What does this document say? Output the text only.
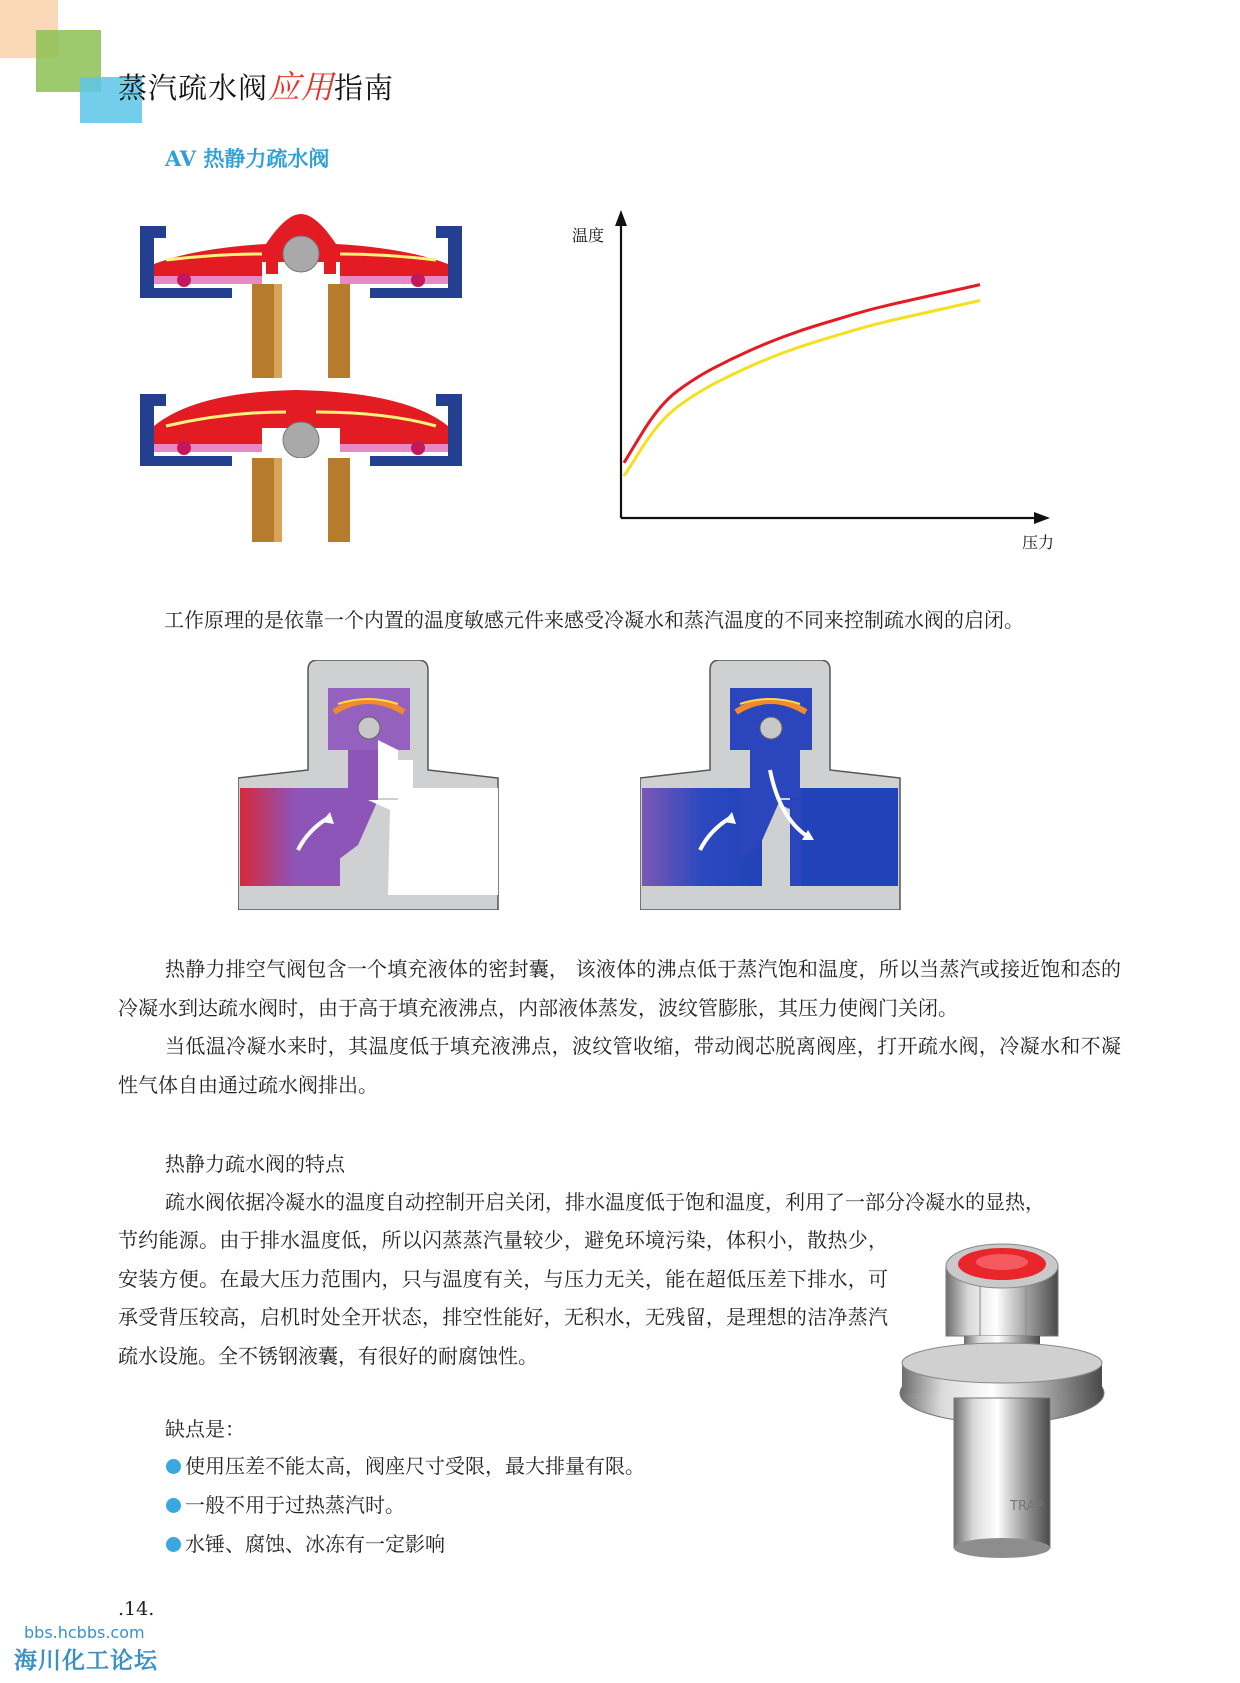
蒸汽疏水阀应用指南
AV 热静力疏水阀
温度
压力
工作原理的是依靠一个内置的温度敏感元件来感受冷凝水和蒸汽温度的不同来控制疏水阀的启闭。
热静力排空气阀包含一个填充液体的密封囊， 该液体的沸点低于蒸汽饱和温度，所以当蒸汽或接近饱和态的冷凝水到达疏水阀时，由于高于填充液沸点，内部液体蒸发，波纹管膨胀，其压力使阀门关闭。
当低温冷凝水来时，其温度低于填充液沸点，波纹管收缩，带动阀芯脱离阀座，打开疏水阀，冷凝水和不凝性气体自由通过疏水阀排出。
热静力疏水阀的特点
疏水阀依据冷凝水的温度自动控制开启关闭，排水温度低于饱和温度，利用了一部分冷凝水的显热，
节约能源。由于排水温度低，所以闪蒸蒸汽量较少，避免环境污染，体积小，散热少，安装方便。在最大压力范围内，只与温度有关，与压力无关，能在超低压差下排水，可承受背压较高，启机时处全开状态，排空性能好，无积水，无残留，是理想的洁净蒸汽疏水设施。全不锈钢液囊，有很好的耐腐蚀性。
缺点是：
使用压差不能太高，阀座尺寸受限，最大排量有限。
一般不用于过热蒸汽时。
水锤、腐蚀、冰冻有一定影响
TRAP
.14.
bbs.hcbbs.com
海川化工论坛
